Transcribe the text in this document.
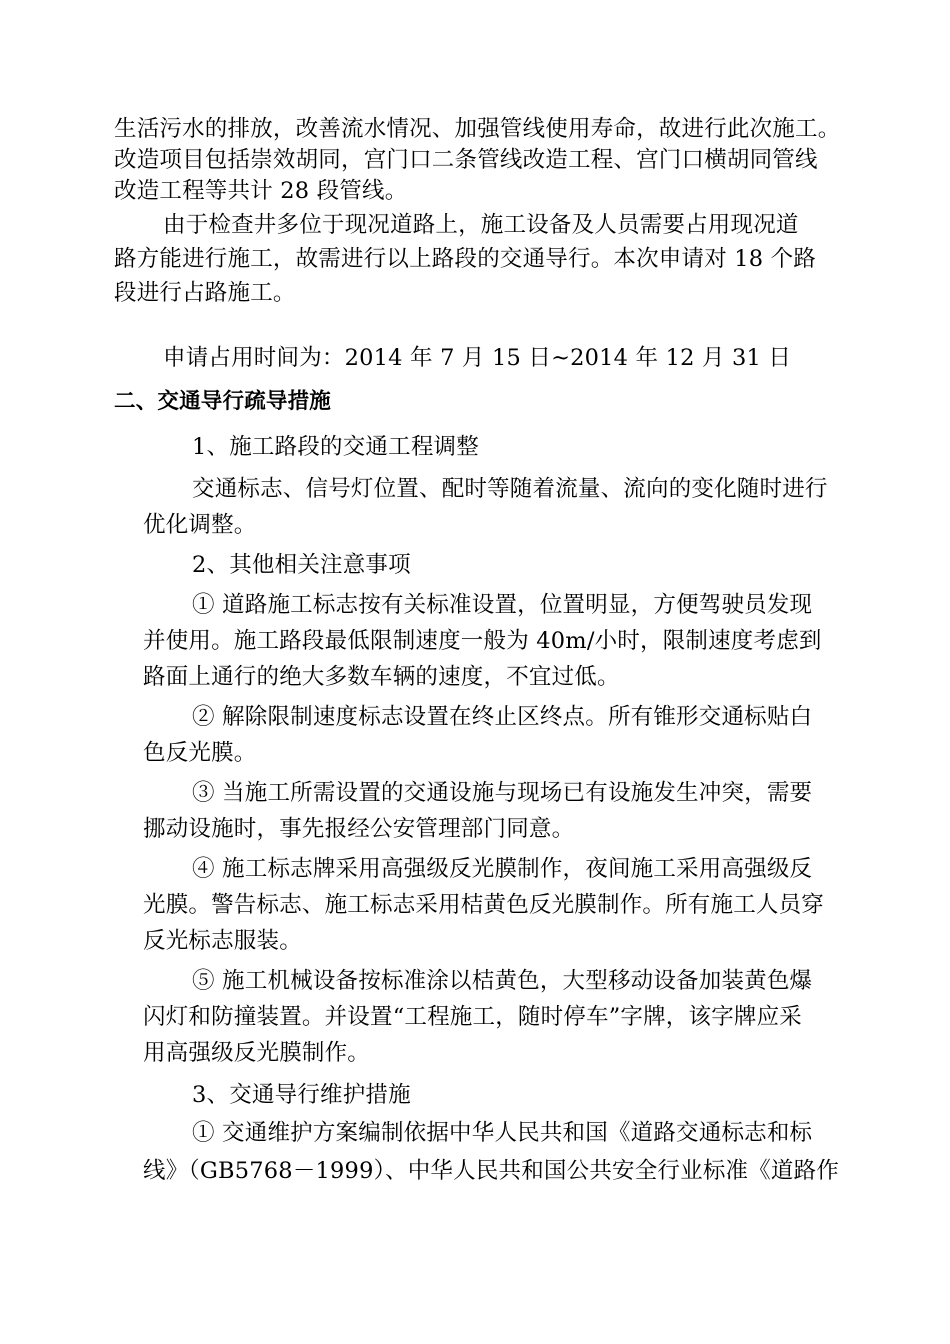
生活污水的排放，改善流水情况、加强管线使用寿命，故进行此次施工。
改造项目包括崇效胡同，宫门口二条管线改造工程、宫门口横胡同管线
改造工程等共计 28 段管线。
由于检查井多位于现况道路上，施工设备及人员需要占用现况道
路方能进行施工，故需进行以上路段的交通导行。本次申请对 18 个路
段进行占路施工。
申请占用时间为：2014 年 7 月 15 日~2014 年 12 月 31 日
二、交通导行疏导措施
1、施工路段的交通工程调整
交通标志、信号灯位置、配时等随着流量、流向的变化随时进行
优化调整。
2、其他相关注意事项
① 道路施工标志按有关标准设置，位置明显，方便驾驶员发现
并使用。施工路段最低限制速度一般为 40m/小时，限制速度考虑到
路面上通行的绝大多数车辆的速度，不宜过低。
② 解除限制速度标志设置在终止区终点。所有锥形交通标贴白
色反光膜。
③ 当施工所需设置的交通设施与现场已有设施发生冲突，需要
挪动设施时，事先报经公安管理部门同意。
④ 施工标志牌采用高强级反光膜制作，夜间施工采用高强级反
光膜。警告标志、施工标志采用桔黄色反光膜制作。所有施工人员穿
反光标志服装。
⑤ 施工机械设备按标准涂以桔黄色，大型移动设备加装黄色爆
闪灯和防撞装置。并设置“工程施工，随时停车”字牌，该字牌应采
用高强级反光膜制作。
3、交通导行维护措施
① 交通维护方案编制依据中华人民共和国《道路交通标志和标
线》（GB5768－1999）、中华人民共和国公共安全行业标准《道路作
